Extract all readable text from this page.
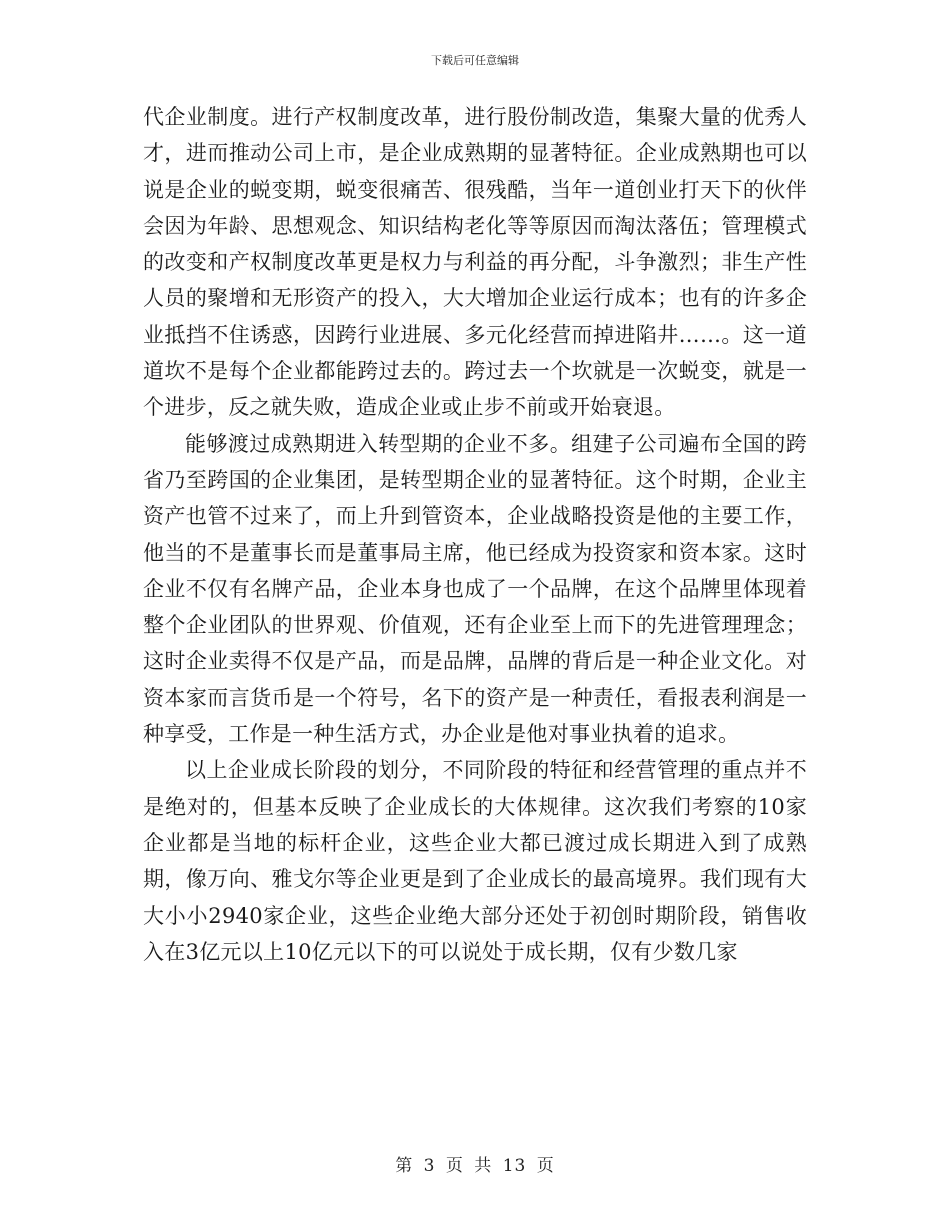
下载后可任意编辑

代企业制度。进行产权制度改革，进行股份制改造，集聚大量的优秀人才，进而推动公司上市，是企业成熟期的显著特征。企业成熟期也可以说是企业的蜕变期，蜕变很痛苦、很残酷，当年一道创业打天下的伙伴会因为年龄、思想观念、知识结构老化等等原因而淘汰落伍；管理模式的改变和产权制度改革更是权力与利益的再分配，斗争激烈；非生产性人员的聚增和无形资产的投入，大大增加企业运行成本；也有的许多企业抵挡不住诱惑，因跨行业进展、多元化经营而掉进陷井……。这一道道坎不是每个企业都能跨过去的。跨过去一个坎就是一次蜕变，就是一个进步，反之就失败，造成企业或止步不前或开始衰退。

能够渡过成熟期进入转型期的企业不多。组建子公司遍布全国的跨省乃至跨国的企业集团，是转型期企业的显著特征。这个时期，企业主资产也管不过来了，而上升到管资本，企业战略投资是他的主要工作，他当的不是董事长而是董事局主席，他已经成为投资家和资本家。这时企业不仅有名牌产品，企业本身也成了一个品牌，在这个品牌里体现着整个企业团队的世界观、价值观，还有企业至上而下的先进管理理念；这时企业卖得不仅是产品，而是品牌，品牌的背后是一种企业文化。对资本家而言货币是一个符号，名下的资产是一种责任，看报表利润是一种享受，工作是一种生活方式，办企业是他对事业执着的追求。

以上企业成长阶段的划分，不同阶段的特征和经营管理的重点并不是绝对的，但基本反映了企业成长的大体规律。这次我们考察的10家企业都是当地的标杆企业，这些企业大都已渡过成长期进入到了成熟期，像万向、雅戈尔等企业更是到了企业成长的最高境界。我们现有大大小小2940家企业，这些企业绝大部分还处于初创时期阶段，销售收入在3亿元以上10亿元以下的可以说处于成长期，仅有少数几家

第 3 页 共 13 页
